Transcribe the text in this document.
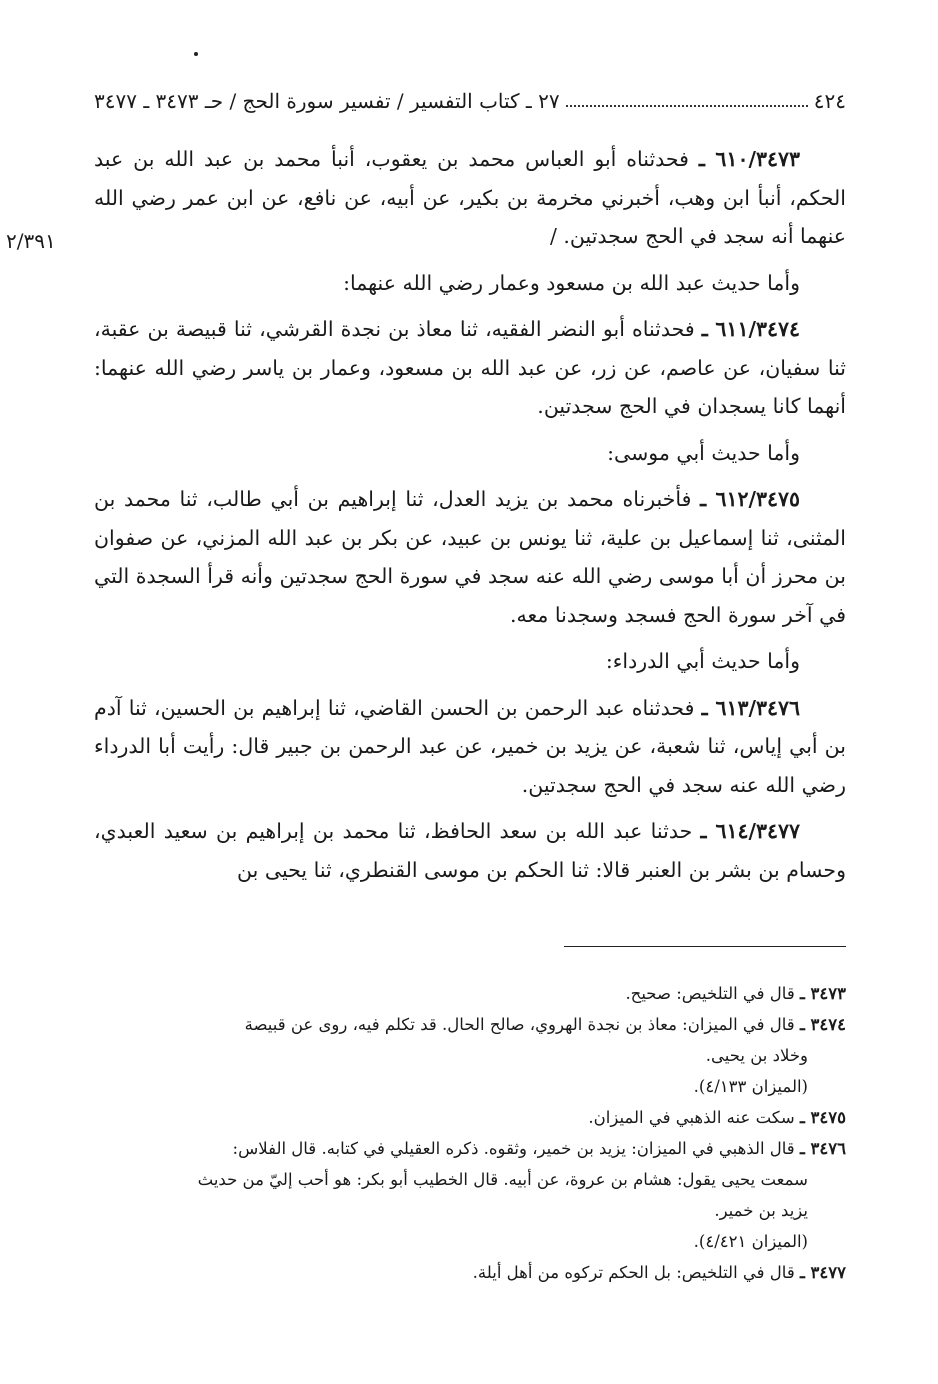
٤٢٤
٢٧ ـ كتاب التفسير / تفسير سورة الحج / حـ ٣٤٧٣ ـ ٣٤٧٧
٢/٣٩١

٦١٠/٣٤٧٣ ـ فحدثناه أبو العباس محمد بن يعقوب، أنبأ محمد بن عبد الله بن عبد الحكم، أنبأ ابن وهب، أخبرني مخرمة بن بكير، عن أبيه، عن نافع، عن ابن عمر رضي الله عنهما أنه سجد في الحج سجدتين. /

وأما حديث عبد الله بن مسعود وعمار رضي الله عنهما:

٦١١/٣٤٧٤ ـ فحدثناه أبو النضر الفقيه، ثنا معاذ بن نجدة القرشي، ثنا قبيصة بن عقبة، ثنا سفيان، عن عاصم، عن زر، عن عبد الله بن مسعود، وعمار بن ياسر رضي الله عنهما: أنهما كانا يسجدان في الحج سجدتين.

وأما حديث أبي موسى:

٦١٢/٣٤٧٥ ـ فأخبرناه محمد بن يزيد العدل، ثنا إبراهيم بن أبي طالب، ثنا محمد بن المثنى، ثنا إسماعيل بن علية، ثنا يونس بن عبيد، عن بكر بن عبد الله المزني، عن صفوان بن محرز أن أبا موسى رضي الله عنه سجد في سورة الحج سجدتين وأنه قرأ السجدة التي في آخر سورة الحج فسجد وسجدنا معه.

وأما حديث أبي الدرداء:

٦١٣/٣٤٧٦ ـ فحدثناه عبد الرحمن بن الحسن القاضي، ثنا إبراهيم بن الحسين، ثنا آدم بن أبي إياس، ثنا شعبة، عن يزيد بن خمير، عن عبد الرحمن بن جبير قال: رأيت أبا الدرداء رضي الله عنه سجد في الحج سجدتين.

٦١٤/٣٤٧٧ ـ حدثنا عبد الله بن سعد الحافظ، ثنا محمد بن إبراهيم بن سعيد العبدي، وحسام بن بشر بن العنبر قالا: ثنا الحكم بن موسى القنطري، ثنا يحيى بن

٣٤٧٣ ـ قال في التلخيص: صحيح.

٣٤٧٤ ـ قال في الميزان: معاذ بن نجدة الهروي، صالح الحال. قد تكلم فيه، روى عن قبيصة

وخلاد بن يحيى.

(الميزان ٤/١٣٣).

٣٤٧٥ ـ سكت عنه الذهبي في الميزان.

٣٤٧٦ ـ قال الذهبي في الميزان: يزيد بن خمير، وثقوه. ذكره العقيلي في كتابه. قال الفلاس:

سمعت يحيى يقول: هشام بن عروة، عن أبيه. قال الخطيب أبو بكر: هو أحب إليّ من حديث

يزيد بن خمير.

(الميزان ٤/٤٢١).

٣٤٧٧ ـ قال في التلخيص: بل الحكم تركوه من أهل أيلة.
